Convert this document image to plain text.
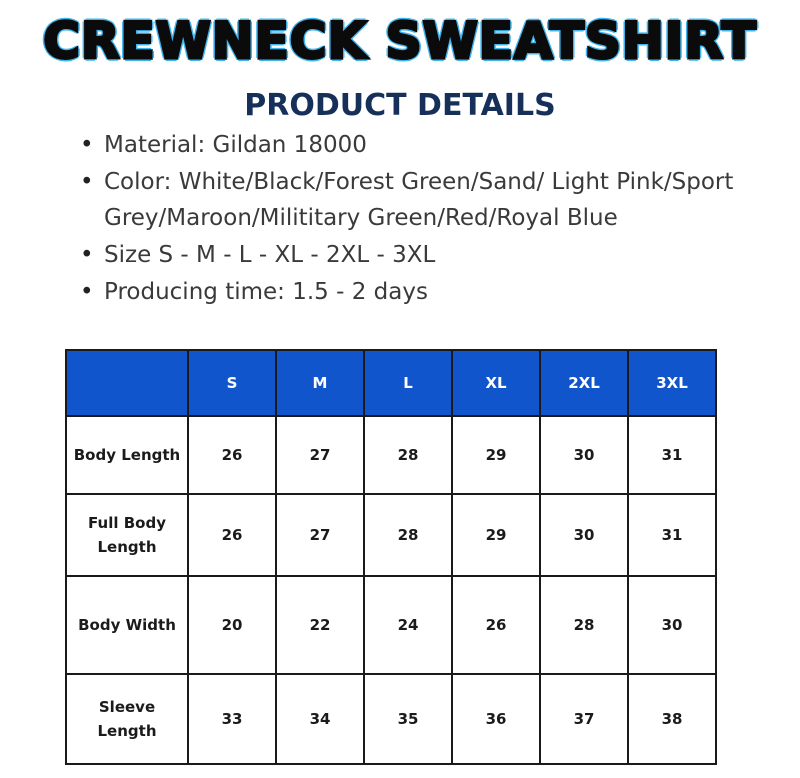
CREWNECK SWEATSHIRT
PRODUCT DETAILS
• Material: Gildan 18000
• Color: White/Black/Forest Green/Sand/ Light Pink/Sport Grey/Maroon/Milititary Green/Red/Royal Blue
• Size S - M - L - XL - 2XL - 3XL
• Producing time: 1.5 - 2 days
	S	M	L	XL	2XL	3XL
Body Length	26	27	28	29	30	31
Full Body Length	26	27	28	29	30	31
Body Width	20	22	24	26	28	30
Sleeve Length	33	34	35	36	37	38
